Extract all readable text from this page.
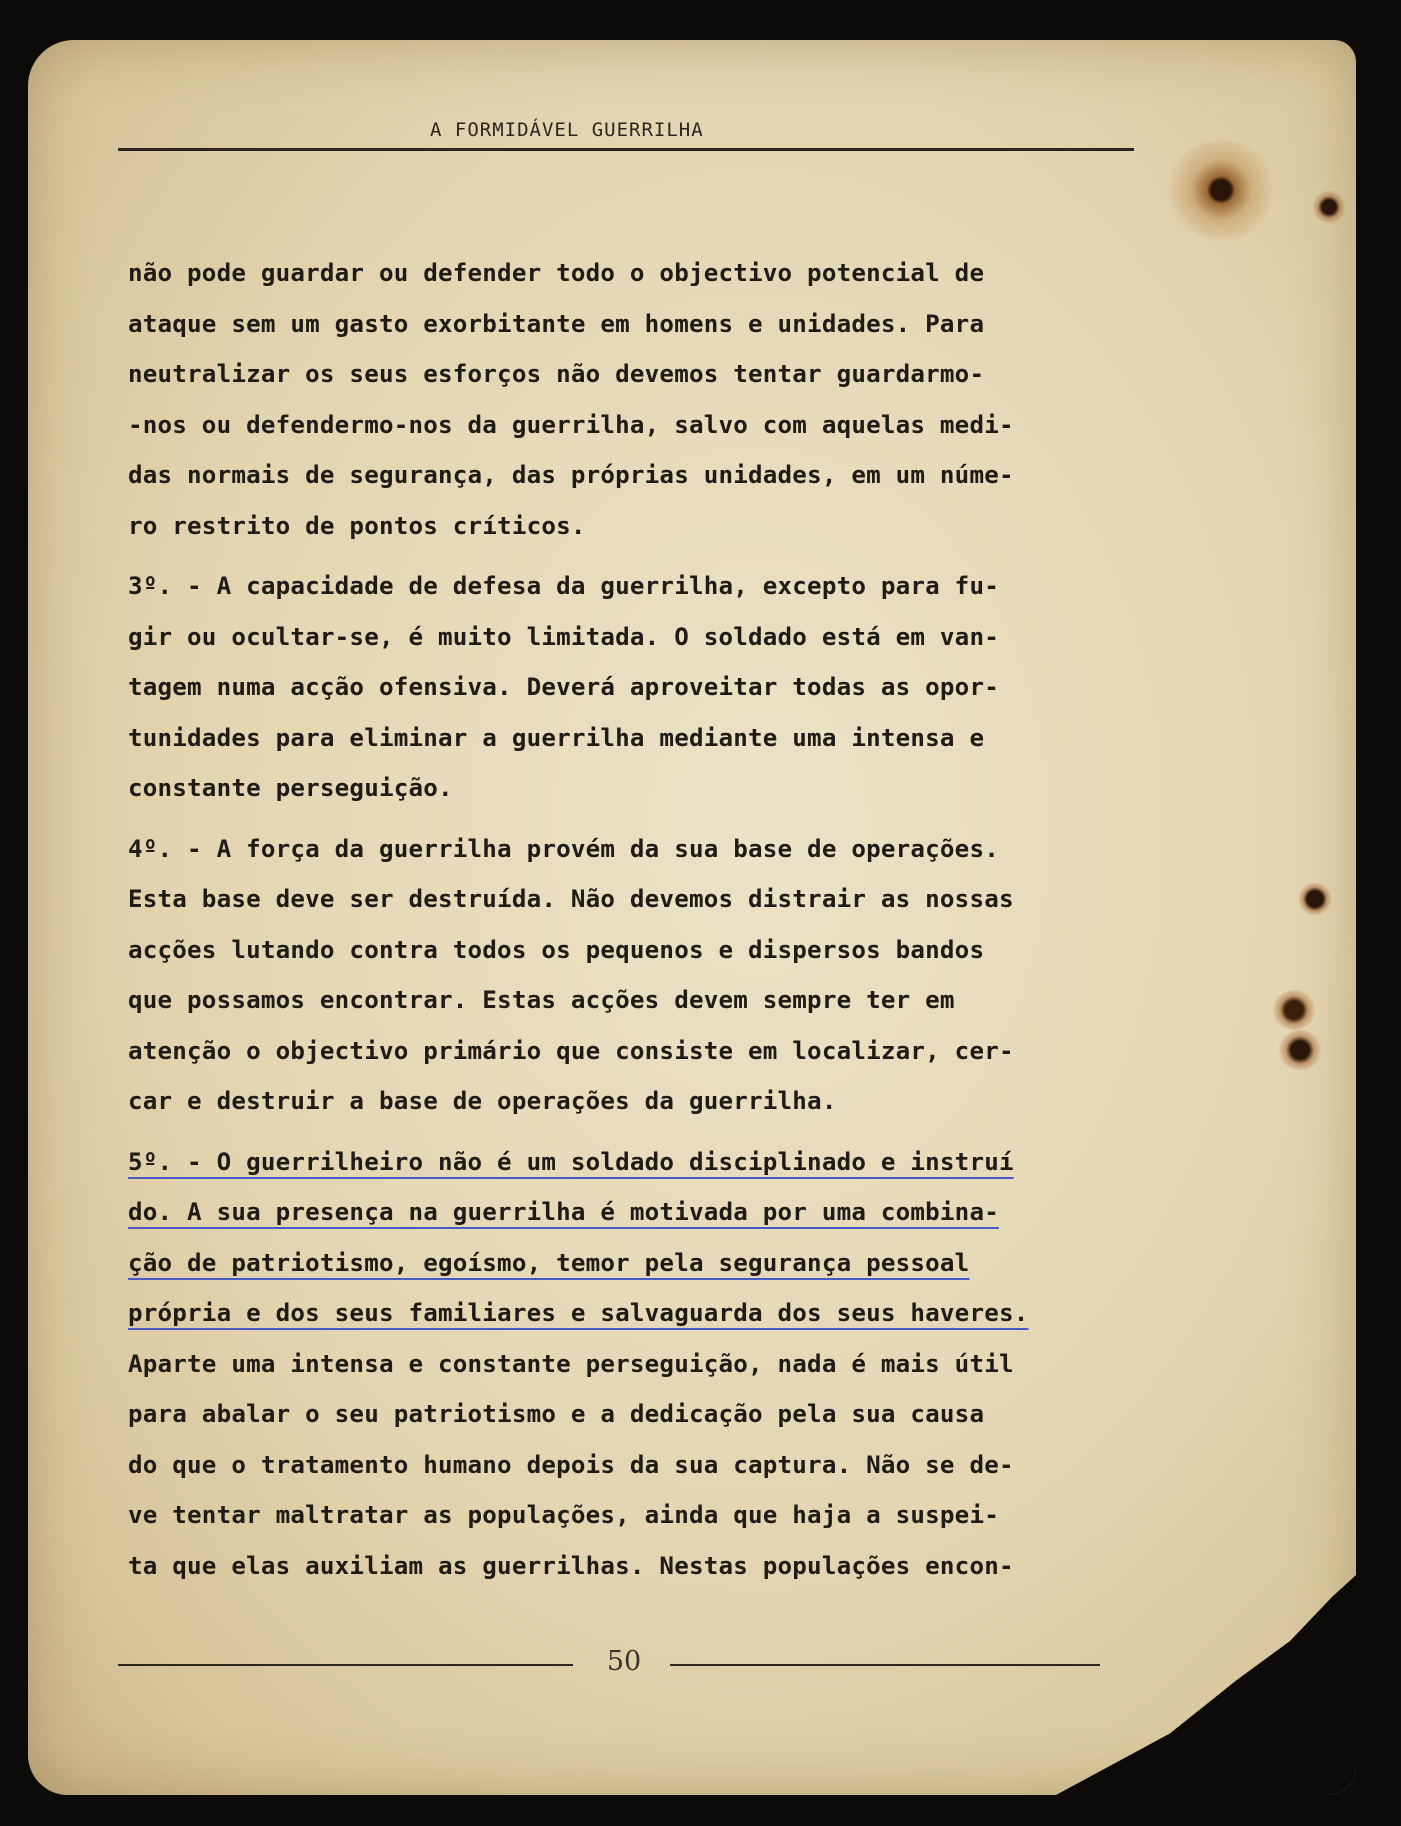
A FORMIDÁVEL GUERRILHA
não pode guardar ou defender todo o objectivo potencial de
ataque sem um gasto exorbitante em homens e unidades. Para
neutralizar os seus esforços não devemos tentar guardarmo-
-nos ou defendermo-nos da guerrilha, salvo com aquelas medi-
das normais de segurança, das próprias unidades, em um núme-
ro restrito de pontos críticos.
3º. - A capacidade de defesa da guerrilha, excepto para fu-
gir ou ocultar-se, é muito limitada. O soldado está em van-
tagem numa acção ofensiva. Deverá aproveitar todas as opor-
tunidades para eliminar a guerrilha mediante uma intensa e
constante perseguição.
4º. - A força da guerrilha provém da sua base de operações.
Esta base deve ser destruída. Não devemos distrair as nossas
acções lutando contra todos os pequenos e dispersos bandos
que possamos encontrar. Estas acções devem sempre ter em
atenção o objectivo primário que consiste em localizar, cer-
car e destruir a base de operações da guerrilha.
5º. - O guerrilheiro não é um soldado disciplinado e instruí
do. A sua presença na guerrilha é motivada por uma combina-
ção de patriotismo, egoísmo, temor pela segurança pessoal
própria e dos seus familiares e salvaguarda dos seus haveres.
Aparte uma intensa e constante perseguição, nada é mais útil
para abalar o seu patriotismo e a dedicação pela sua causa
do que o tratamento humano depois da sua captura. Não se de-
ve tentar maltratar as populações, ainda que haja a suspei-
ta que elas auxiliam as guerrilhas. Nestas populações encon-
50
